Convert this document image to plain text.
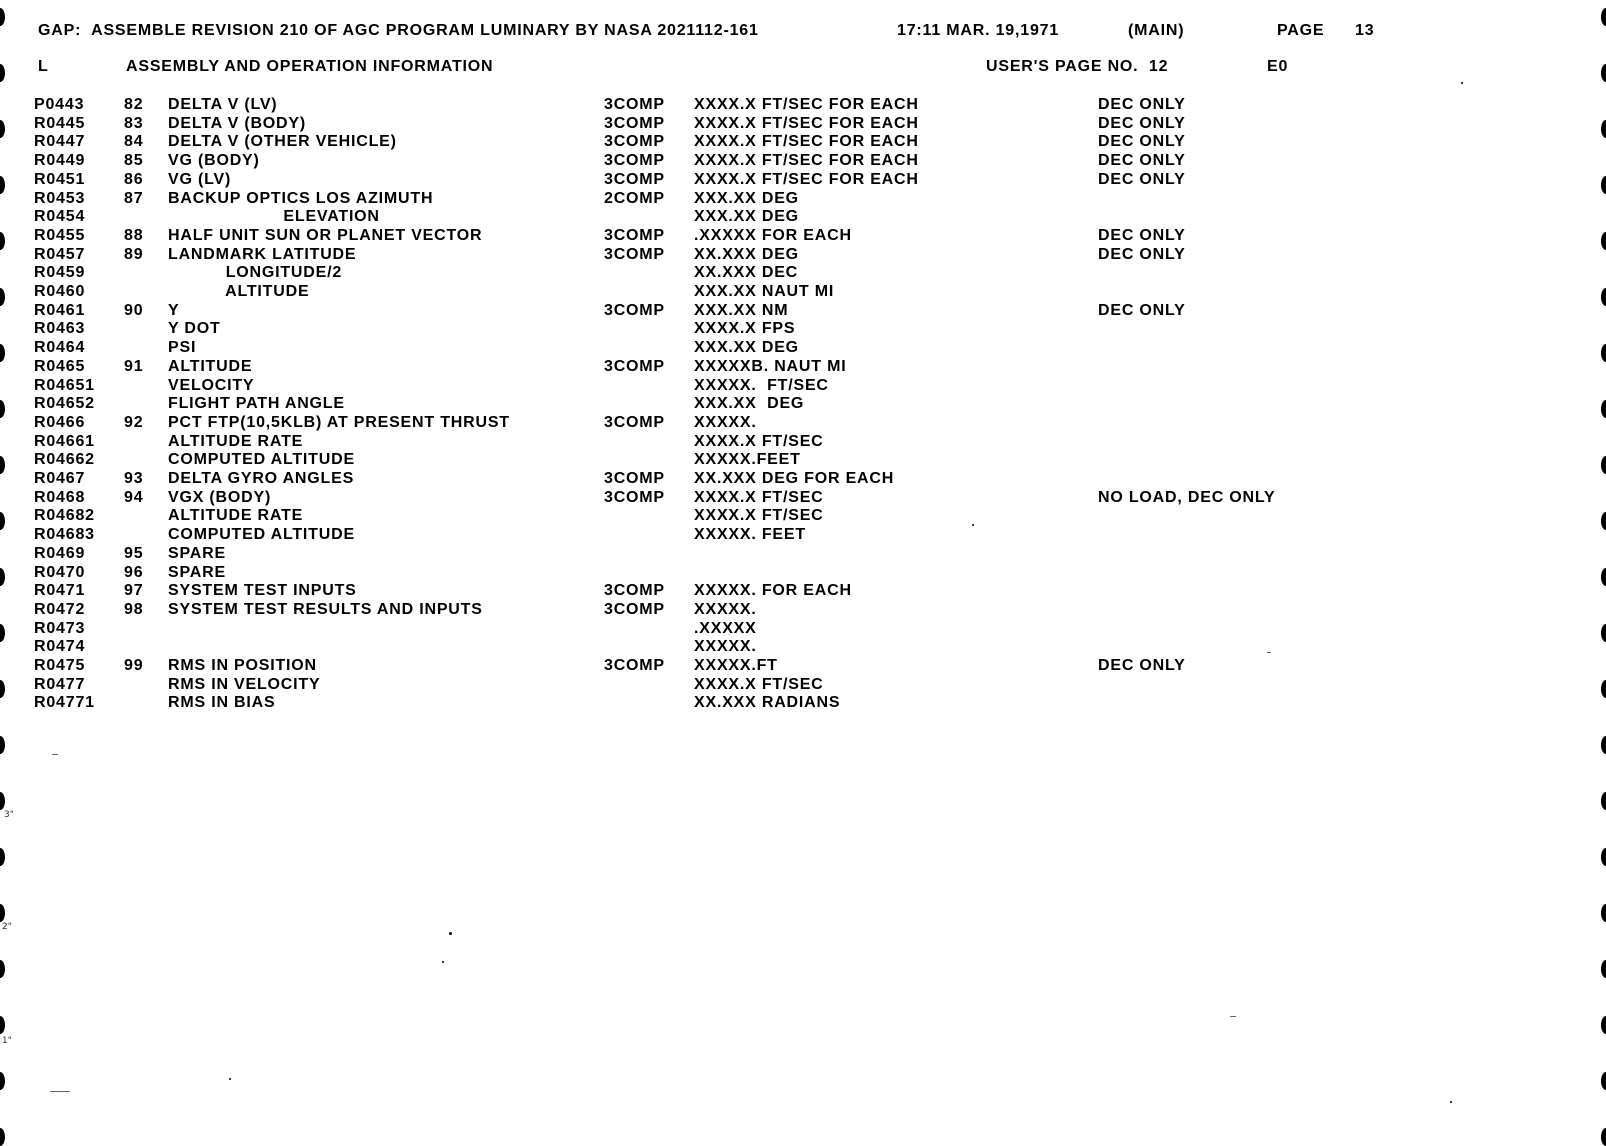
GAP:  ASSEMBLE REVISION 210 OF AGC PROGRAM LUMINARY BY NASA 2021112-161	17:11 MAR. 19,1971	(MAIN)	PAGE 13
L	ASSEMBLY AND OPERATION INFORMATION	USER'S PAGE NO.  12	E0
P0443 82 DELTA V (LV)	3COMP XXXX.X FT/SEC FOR EACH	DEC ONLY
R0445 83 DELTA V (BODY)	3COMP XXXX.X FT/SEC FOR EACH	DEC ONLY
R0447 84 DELTA V (OTHER VEHICLE)	3COMP XXXX.X FT/SEC FOR EACH	DEC ONLY
R0449 85 VG (BODY)	3COMP XXXX.X FT/SEC FOR EACH	DEC ONLY
R0451 86 VG (LV)	3COMP XXXX.X FT/SEC FOR EACH	DEC ONLY
R0453 87 BACKUP OPTICS LOS AZIMUTH	2COMP XXX.XX DEG
R0454	ELEVATION	XXX.XX DEG
R0455 88 HALF UNIT SUN OR PLANET VECTOR	3COMP .XXXXX FOR EACH	DEC ONLY
R0457 89 LANDMARK LATITUDE	3COMP XX.XXX DEG	DEC ONLY
R0459	LONGITUDE/2	XX.XXX DEC
R0460	ALTITUDE	XXX.XX NAUT MI
R0461 90 Y	3COMP XXX.XX NM	DEC ONLY
R0463	Y DOT	XXXX.X FPS
R0464	PSI	XXX.XX DEG
R0465 91 ALTITUDE	3COMP XXXXXB. NAUT MI
R04651	VELOCITY	XXXXX.  FT/SEC
R04652	FLIGHT PATH ANGLE	XXX.XX  DEG
R0466 92 PCT FTP(10,5KLB) AT PRESENT THRUST	3COMP XXXXX.
R04661	ALTITUDE RATE	XXXX.X FT/SEC
R04662	COMPUTED ALTITUDE	XXXXX.FEET
R0467 93 DELTA GYRO ANGLES	3COMP XX.XXX DEG FOR EACH
R0468 94 VGX (BODY)	3COMP XXXX.X FT/SEC	NO LOAD, DEC ONLY
R04682	ALTITUDE RATE	XXXX.X FT/SEC
R04683	COMPUTED ALTITUDE	XXXXX. FEET
R0469 95 SPARE
R0470 96 SPARE
R0471 97 SYSTEM TEST INPUTS	3COMP XXXXX. FOR EACH
R0472 98 SYSTEM TEST RESULTS AND INPUTS	3COMP XXXXX.
R0473	.XXXXX
R0474	XXXXX.
R0475 99 RMS IN POSITION	3COMP XXXXX.FT	DEC ONLY
R0477	RMS IN VELOCITY	XXXX.X FT/SEC
R04771	RMS IN BIAS	XX.XXX RADIANS
3"
2"
1"
